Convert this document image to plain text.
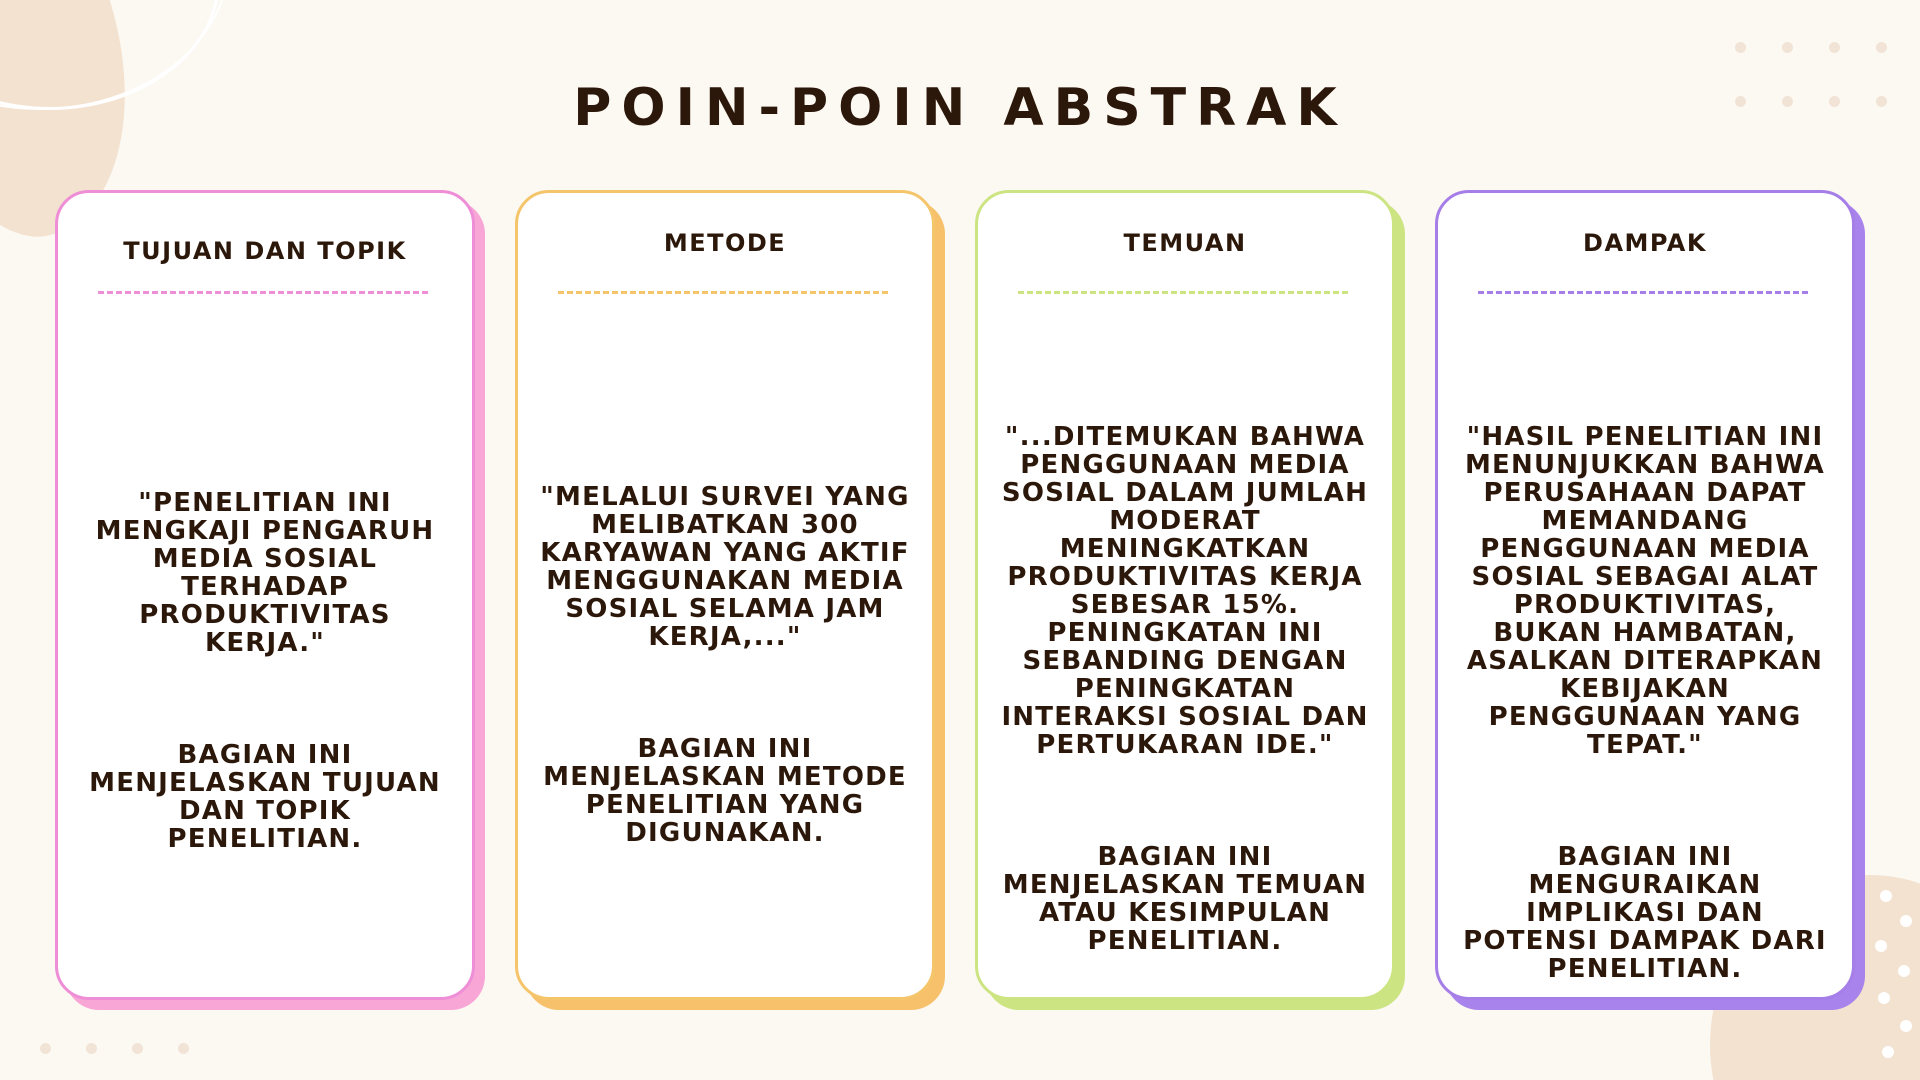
POIN-POIN ABSTRAK
TUJUAN DAN TOPIK

"PENELITIAN INI MENGKAJI PENGARUH MEDIA SOSIAL TERHADAP PRODUKTIVITAS KERJA."

BAGIAN INI MENJELASKAN TUJUAN DAN TOPIK PENELITIAN.

METODE

"MELALUI SURVEI YANG MELIBATKAN 300 KARYAWAN YANG AKTIF MENGGUNAKAN MEDIA SOSIAL SELAMA JAM KERJA,..."

BAGIAN INI MENJELASKAN METODE PENELITIAN YANG DIGUNAKAN.

TEMUAN

"...DITEMUKAN BAHWA PENGGUNAAN MEDIA SOSIAL DALAM JUMLAH MODERAT MENINGKATKAN PRODUKTIVITAS KERJA SEBESAR 15%. PENINGKATAN INI SEBANDING DENGAN PENINGKATAN INTERAKSI SOSIAL DAN PERTUKARAN IDE."

BAGIAN INI MENJELASKAN TEMUAN ATAU KESIMPULAN PENELITIAN.

DAMPAK

"HASIL PENELITIAN INI MENUNJUKKAN BAHWA PERUSAHAAN DAPAT MEMANDANG PENGGUNAAN MEDIA SOSIAL SEBAGAI ALAT PRODUKTIVITAS, BUKAN HAMBATAN, ASALKAN DITERAPKAN KEBIJAKAN PENGGUNAAN YANG TEPAT."

BAGIAN INI MENGURAIKAN IMPLIKASI DAN POTENSI DAMPAK DARI PENELITIAN.
